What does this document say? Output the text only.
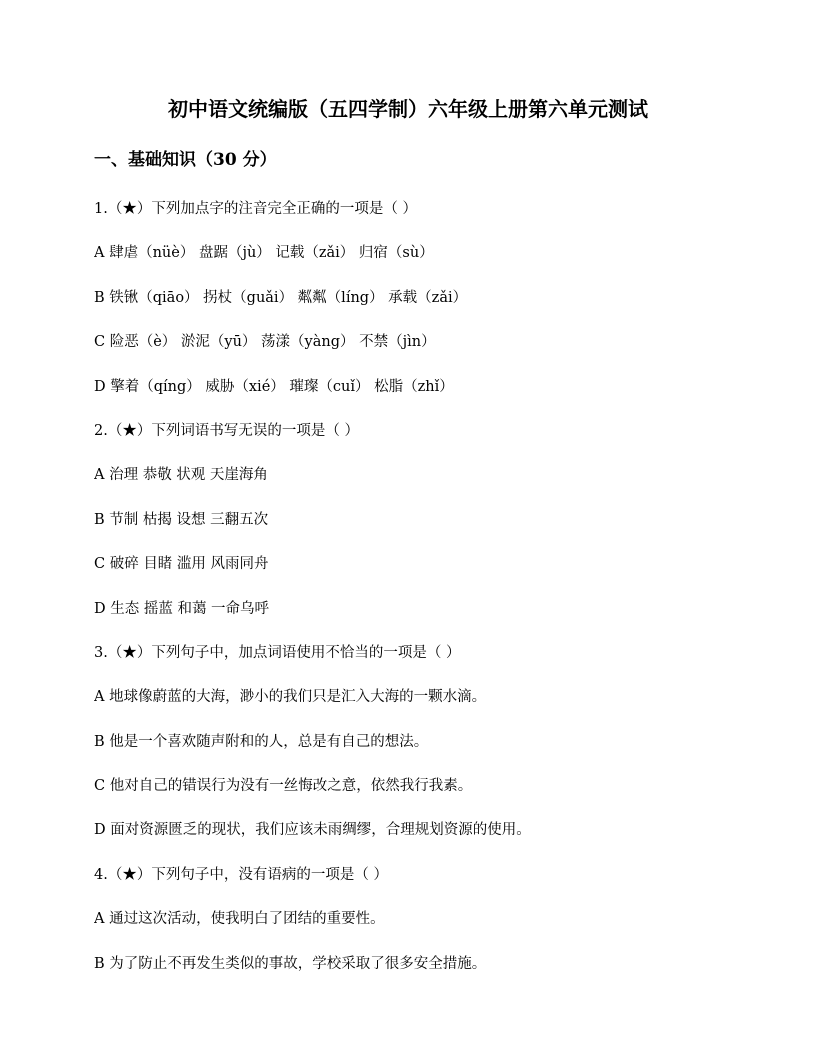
初中语文统编版（五四学制）六年级上册第六单元测试
一、基础知识（30 分）
1.（★）下列加点字的注音完全正确的一项是（ ）
A 肆虐（nüè） 盘踞（jù） 记载（zǎi） 归宿（sù）
B 铁锹（qiāo） 拐杖（guǎi） 粼粼（líng） 承载（zǎi）
C 险恶（è） 淤泥（yū） 荡漾（yàng） 不禁（jìn）
D 擎着（qíng） 威胁（xié） 璀璨（cuǐ） 松脂（zhǐ）
2.（★）下列词语书写无误的一项是（ ）
A 治理 恭敬 状观 天崖海角
B 节制 枯揭 设想 三翻五次
C 破碎 目睹 滥用 风雨同舟
D 生态 摇蓝 和蔼 一命乌呼
3.（★）下列句子中，加点词语使用不恰当的一项是（ ）
A 地球像蔚蓝的大海，渺小的我们只是汇入大海的一颗水滴。
B 他是一个喜欢随声附和的人，总是有自己的想法。
C 他对自己的错误行为没有一丝悔改之意，依然我行我素。
D 面对资源匮乏的现状，我们应该未雨绸缪，合理规划资源的使用。
4.（★）下列句子中，没有语病的一项是（ ）
A 通过这次活动，使我明白了团结的重要性。
B 为了防止不再发生类似的事故，学校采取了很多安全措施。
